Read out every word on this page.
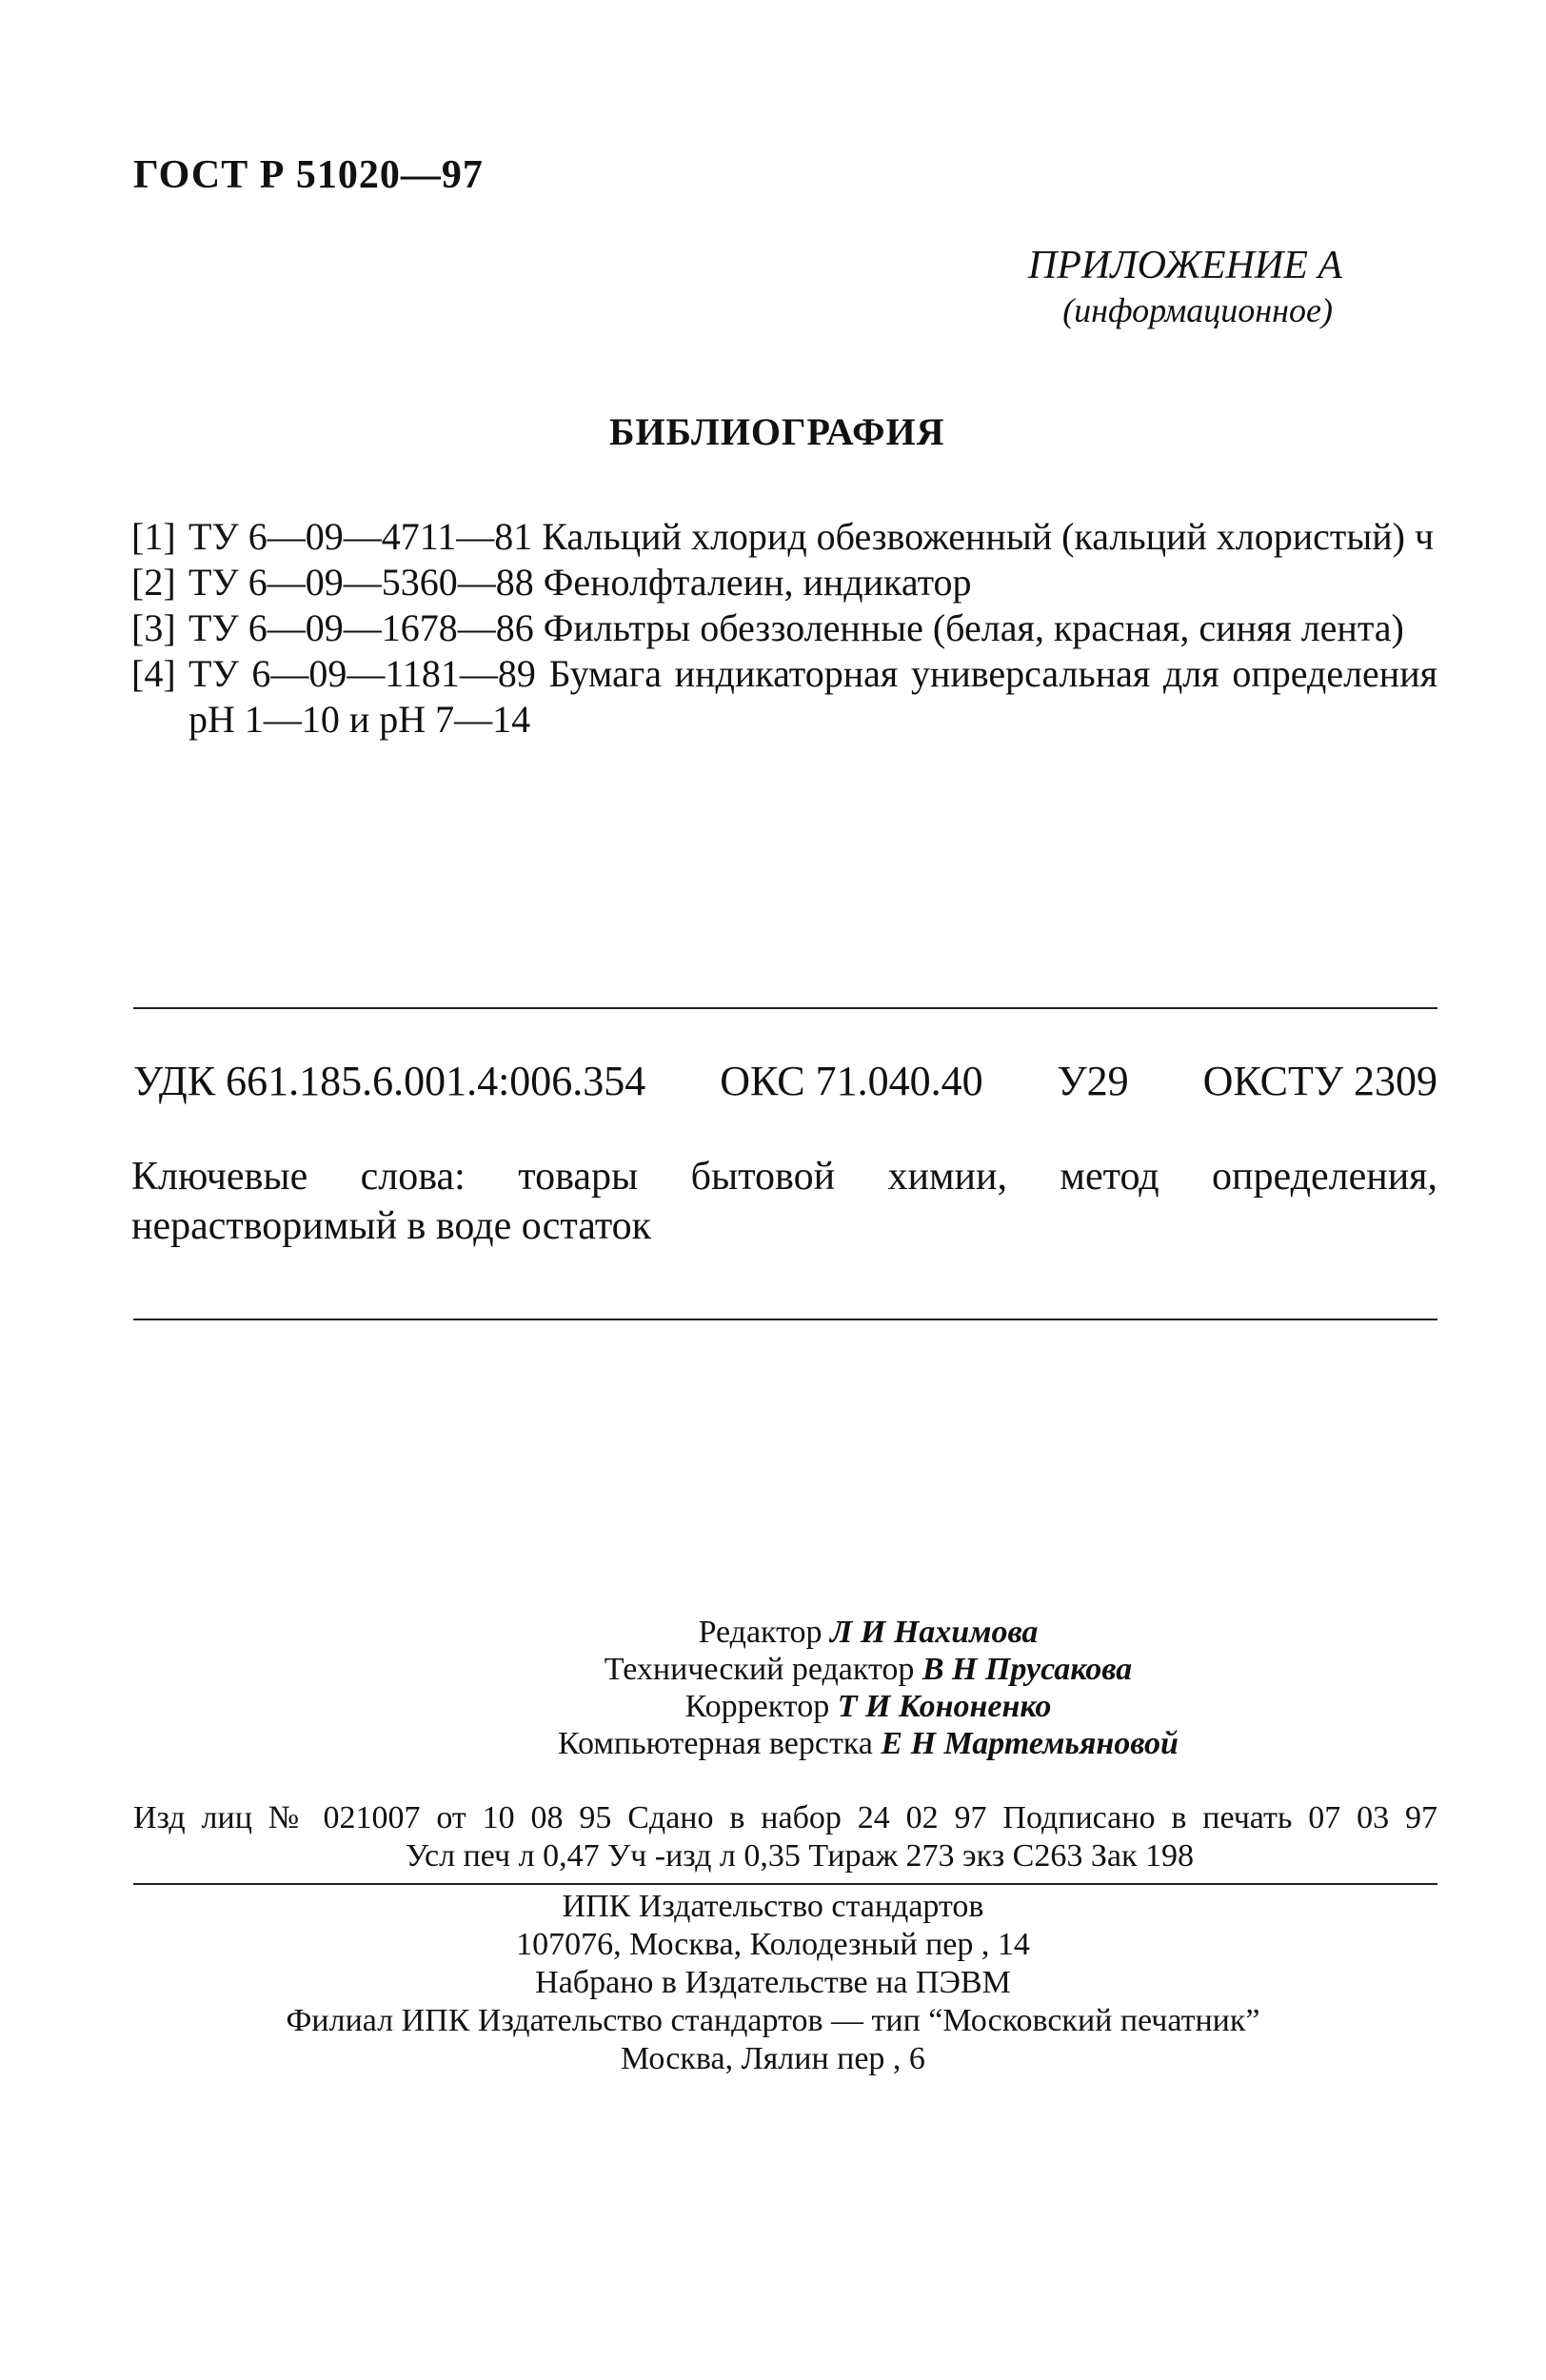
ГОСТ Р 51020—97
ПРИЛОЖЕНИЕ А
(информационное)
БИБЛИОГРАФИЯ
[1] ТУ 6—09—4711—81 Кальций хлорид обезвоженный (кальций хлористый) ч
[2] ТУ 6—09—5360—88 Фенолфталеин, индикатор
[3] ТУ 6—09—1678—86 Фильтры обеззоленные (белая, красная, синяя лента)
[4] ТУ 6—09—1181—89 Бумага индикаторная универсальная для определения рН 1—10 и рН 7—14
УДК 661.185.6.001.4:006.354 ОКС 71.040.40 У29 ОКСТУ 2309
Ключевые слова: товары бытовой химии, метод определения, нерастворимый в воде остаток
Редактор Л И Нахимова
Технический редактор В Н Прусакова
Корректор Т И Кононенко
Компьютерная верстка Е Н Мартемьяновой
Изд лиц № 021007 от 10 08 95 Сдано в набор 24 02 97 Подписано в печать 07 03 97
Усл печ л 0,47 Уч -изд л 0,35 Тираж 273 экз С263 Зак 198
ИПК Издательство стандартов
107076, Москва, Колодезный пер , 14
Набрано в Издательстве на ПЭВМ
Филиал ИПК Издательство стандартов — тип “Московский печатник”
Москва, Лялин пер , 6
